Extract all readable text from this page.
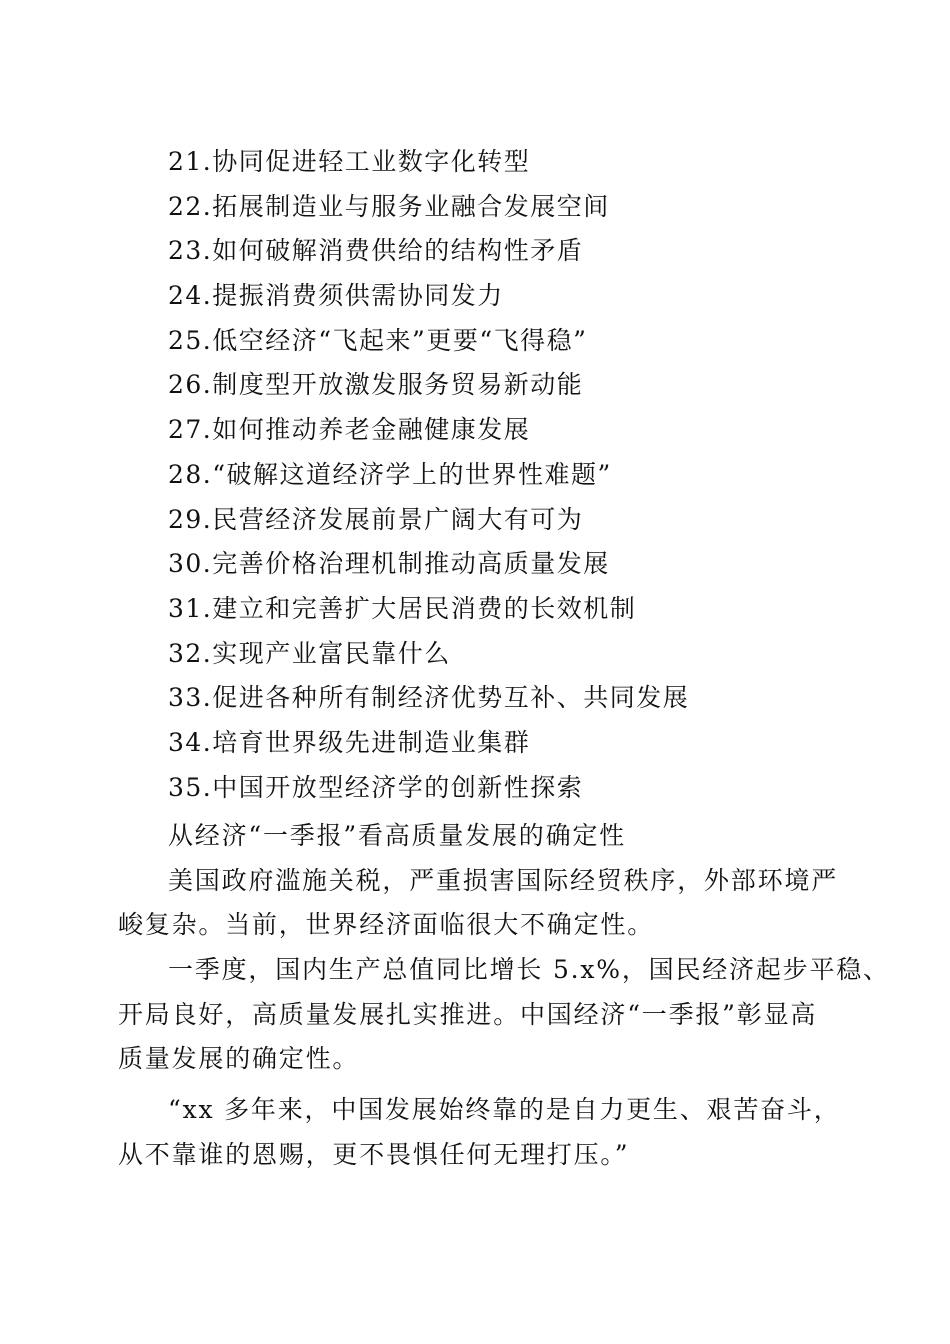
21.协同促进轻工业数字化转型
22.拓展制造业与服务业融合发展空间
23.如何破解消费供给的结构性矛盾
24.提振消费须供需协同发力
25.低空经济“飞起来”更要“飞得稳”
26.制度型开放激发服务贸易新动能
27.如何推动养老金融健康发展
28.“破解这道经济学上的世界性难题”
29.民营经济发展前景广阔大有可为
30.完善价格治理机制推动高质量发展
31.建立和完善扩大居民消费的长效机制
32.实现产业富民靠什么
33.促进各种所有制经济优势互补、共同发展
34.培育世界级先进制造业集群
35.中国开放型经济学的创新性探索
从经济“一季报”看高质量发展的确定性
美国政府滥施关税，严重损害国际经贸秩序，外部环境严
峻复杂。当前，世界经济面临很大不确定性。
一季度，国内生产总值同比增长 5.x%，国民经济起步平稳、
开局良好，高质量发展扎实推进。中国经济“一季报”彰显高
质量发展的确定性。
“xx 多年来，中国发展始终靠的是自力更生、艰苦奋斗，
从不靠谁的恩赐，更不畏惧任何无理打压。”
